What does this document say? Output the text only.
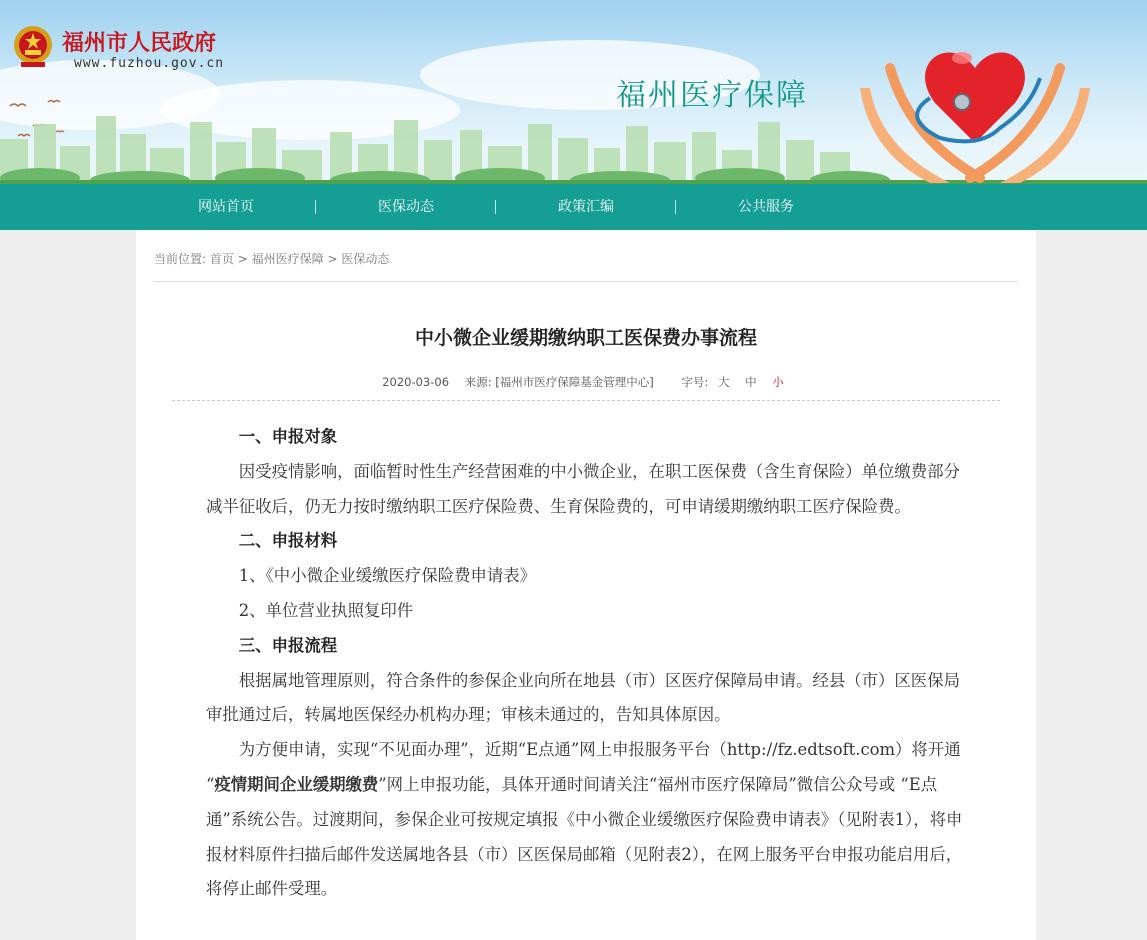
福州市人民政府
www.fuzhou.gov.cn
福州医疗保障
网站首页	医保动态	政策汇编	公共服务
当前位置: 首页 > 福州医疗保障 > 医保动态
中小微企业缓期缴纳职工医保费办事流程
2020-03-06 来源: [福州市医疗保障基金管理中心] 字号: 大 中 小

一、申报对象

因受疫情影响，面临暂时性生产经营困难的中小微企业，在职工医保费（含生育保险）单位缴费部分减半征收后，仍无力按时缴纳职工医疗保险费、生育保险费的，可申请缓期缴纳职工医疗保险费。

二、申报材料

1、《中小微企业缓缴医疗保险费申请表》

2、单位营业执照复印件

三、申报流程

根据属地管理原则，符合条件的参保企业向所在地县（市）区医疗保障局申请。经县（市）区医保局审批通过后，转属地医保经办机构办理；审核未通过的，告知具体原因。

为方便申请，实现“不见面办理”，近期“E点通”网上申报服务平台（http://fz.edtsoft.com）将开通 “疫情期间企业缓期缴费”网上申报功能，具体开通时间请关注“福州市医疗保障局”微信公众号或 “E点通”系统公告。过渡期间，参保企业可按规定填报《中小微企业缓缴医疗保险费申请表》（见附表1），将申报材料原件扫描后邮件发送属地各县（市）区医保局邮箱（见附表2），在网上服务平台申报功能启用后，将停止邮件受理。
